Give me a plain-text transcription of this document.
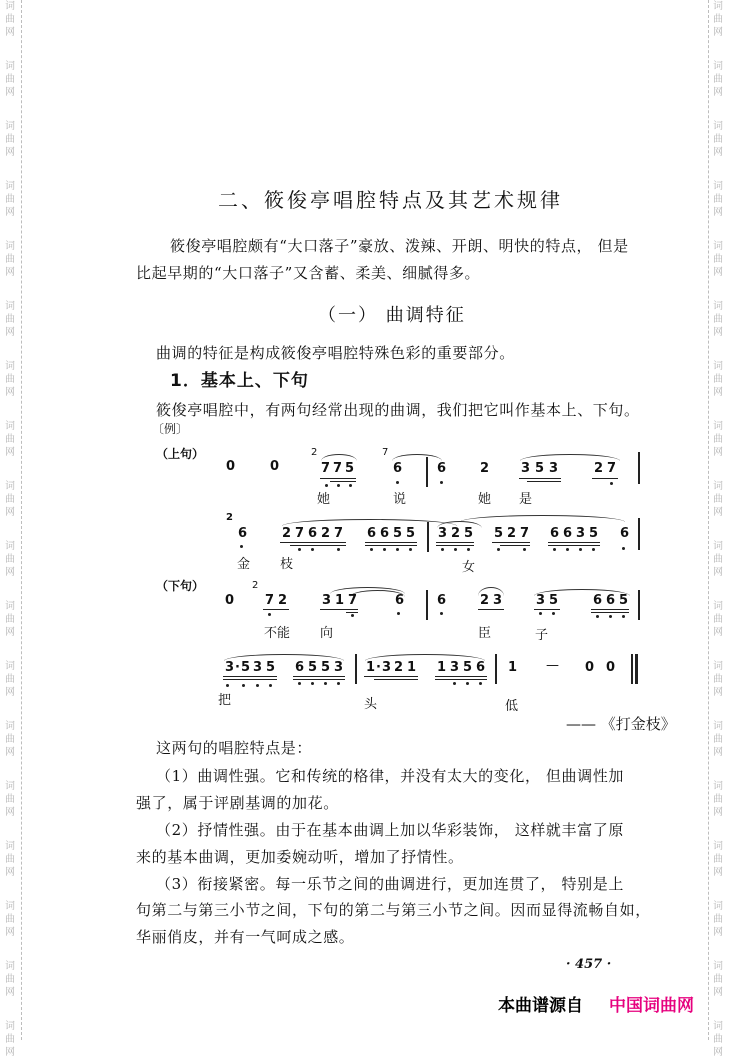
词
曲
网
词
曲
网
词
曲
网
词
曲
网
词
曲
网
词
曲
网
词
曲
网
词
曲
网
词
曲
网
词
曲
网
词
曲
网
词
曲
网
词
曲
网
词
曲
网
词
曲
网
词
曲
网
词
曲
网
词
曲
网
词
曲
网
词
曲
网
词
曲
网
词
曲
网
词
曲
网
词
曲
网
词
曲
网
词
曲
网
词
曲
网
词
曲
网
词
曲
网
词
曲
网
词
曲
网
词
曲
网
词
曲
网
词
曲
网
词
曲
网
词
曲
网
二、筱俊亭唱腔特点及其艺术规律
筱俊亭唱腔颇有“大口落子”豪放、泼辣、开朗、明快的特点， 但是
比起早期的“大口落子”又含蓄、柔美、细腻得多。
（一） 曲调特征
曲调的特征是构成筱俊亭唱腔特殊色彩的重要部分。
1．基本上、下句
筱俊亭唱腔中，有两句经常出现的曲调，我们把它叫作基本上、下句。
〔例〕
（上句）
（下句）
0	0
2
7 7 5
7
6	6	2 3 5 3	2 7
她	说	她 是
2
6	2 7 6 2 7 6 6 5 5 3 2 5 5 2 7 6 6 3 5 6
金 枝	女
0
2
7 2	3 1 7	6	6	2 3	3 5	6 6 5
不能 向	臣	子
3·5 3 5 6 5 5 3 1·3 2 1 1 3 5 6 1 — 0 0
把	头	低
—— 《打金枝》
这两句的唱腔特点是：
（1）曲调性强。它和传统的格律，并没有太大的变化， 但曲调性加
强了，属于评剧基调的加花。
（2）抒情性强。由于在基本曲调上加以华彩装饰， 这样就丰富了原
来的基本曲调，更加委婉动听，增加了抒情性。
（3）衔接紧密。每一乐节之间的曲调进行，更加连贯了， 特别是上
句第二与第三小节之间，下句的第二与第三小节之间。因而显得流畅自如，
华丽俏皮，并有一气呵成之感。
· 457 ·
本曲谱源自 中国词曲网
